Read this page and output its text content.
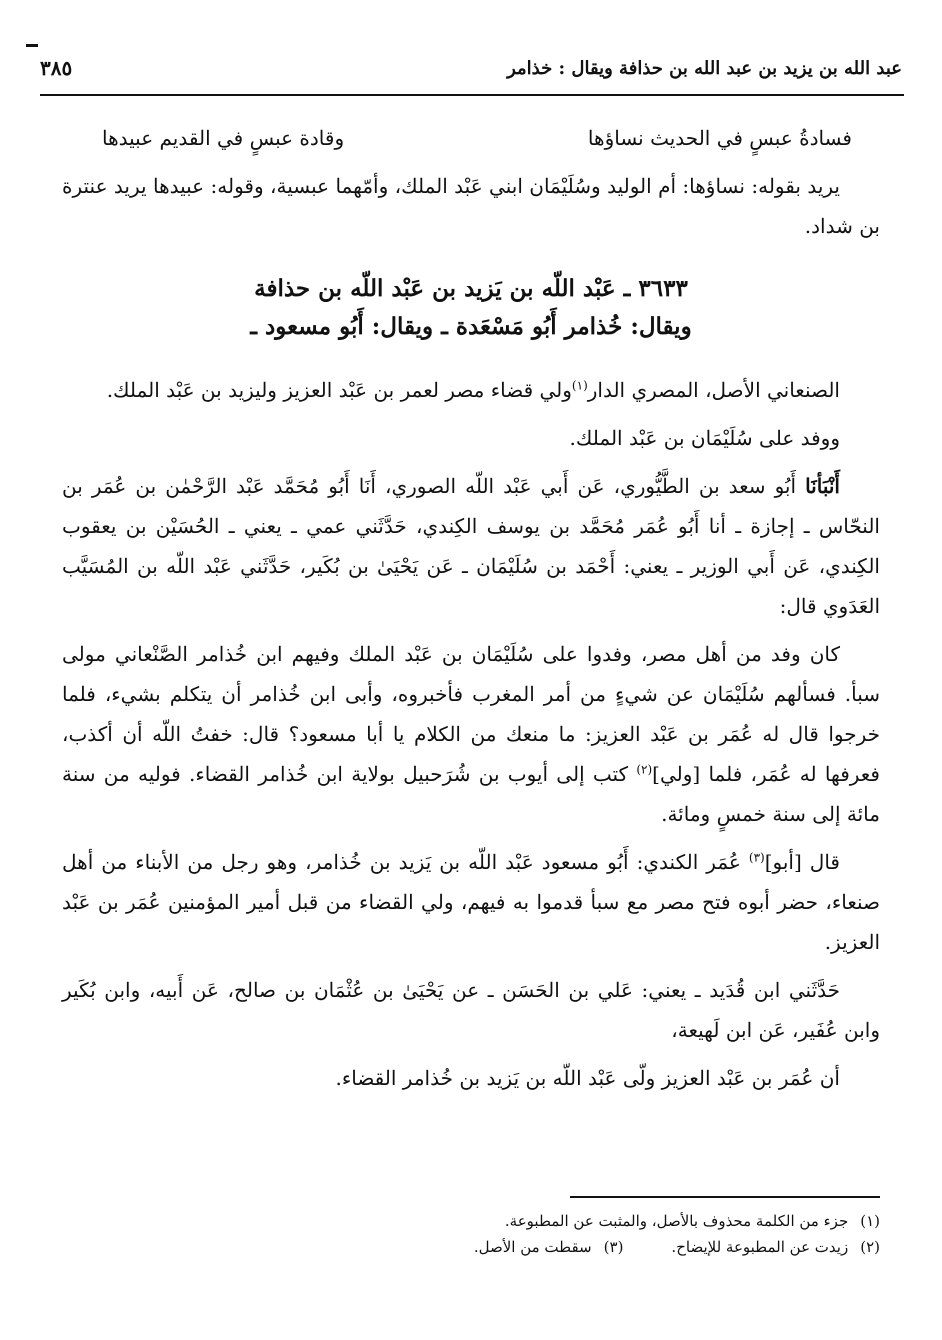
عبد الله بن يزيد بن عبد الله بن حذافة ويقال : خذامر
٣٨٥
فسادةُ عبسٍ في الحديث نساؤها
وقادة عبسٍ في القديم عبيدها

يريد بقوله: نساؤها: أم الوليد وسُلَيْمَان ابني عَبْد الملك، وأمّهما عبسية، وقوله: عبيدها يريد عنترة بن شداد.

٣٦٣٣ ـ عَبْد اللّه بن يَزيد بن عَبْد اللّه بن حذافة
ويقال: خُذامر أَبُو مَسْعَدة ـ ويقال: أَبُو مسعود ـ

الصنعاني الأصل، المصري الدار$^{(١)}$ولي قضاء مصر لعمر بن عَبْد العزيز وليزيد بن عَبْد الملك.

ووفد على سُلَيْمَان بن عَبْد الملك.

أَنْبَأنَا أَبُو سعد بن الطَّيُّوري، عَن أَبي عَبْد اللّه الصوري، أَنَا أَبُو مُحَمَّد عَبْد الرَّحْمٰن بن عُمَر بن النحّاس ـ إجازة ـ أنا أَبُو عُمَر مُحَمَّد بن يوسف الكِندي، حَدَّثَني عمي ـ يعني ـ الحُسَيْن بن يعقوب الكِندي، عَن أَبي الوزير ـ يعني: أَحْمَد بن سُلَيْمَان ـ عَن يَحْيَىٰ بن بُكَير، حَدَّثَني عَبْد اللّه بن المُسَيَّب العَدَوي قال:

كان وفد من أهل مصر، وفدوا على سُلَيْمَان بن عَبْد الملك وفيهم ابن خُذامر الصَّنْعاني مولى سبأ. فسألهم سُلَيْمَان عن شيءٍ من أمر المغرب فأخبروه، وأبى ابن خُذامر أن يتكلم بشيء، فلما خرجوا قال له عُمَر بن عَبْد العزيز: ما منعك من الكلام يا أبا مسعود؟ قال: خفتُ اللّه أن أكذب، فعرفها له عُمَر، فلما [ولي]$^{(٢)}$ كتب إلى أيوب بن شُرَحبيل بولاية ابن خُذامر القضاء. فوليه من سنة مائة إلى سنة خمسٍ ومائة.

قال [أبو]$^{(٣)}$ عُمَر الكندي: أَبُو مسعود عَبْد اللّه بن يَزيد بن خُذامر، وهو رجل من الأبناء من أهل صنعاء، حضر أبوه فتح مصر مع سبأ قدموا به فيهم، ولي القضاء من قبل أمير المؤمنين عُمَر بن عَبْد العزيز.

حَدَّثَني ابن قُدَيد ـ يعني: عَلي بن الحَسَن ـ عن يَحْيَىٰ بن عُثْمَان بن صالح، عَن أَبيه، وابن بُكَير وابن عُفَير، عَن ابن لَهيعة،

أن عُمَر بن عَبْد العزيز ولّى عَبْد اللّه بن يَزيد بن خُذامر القضاء.

(١)جزء من الكلمة محذوف بالأصل، والمثبت عن المطبوعة.
(٢)زيدت عن المطبوعة للإيضاح.
(٣)سقطت من الأصل.
